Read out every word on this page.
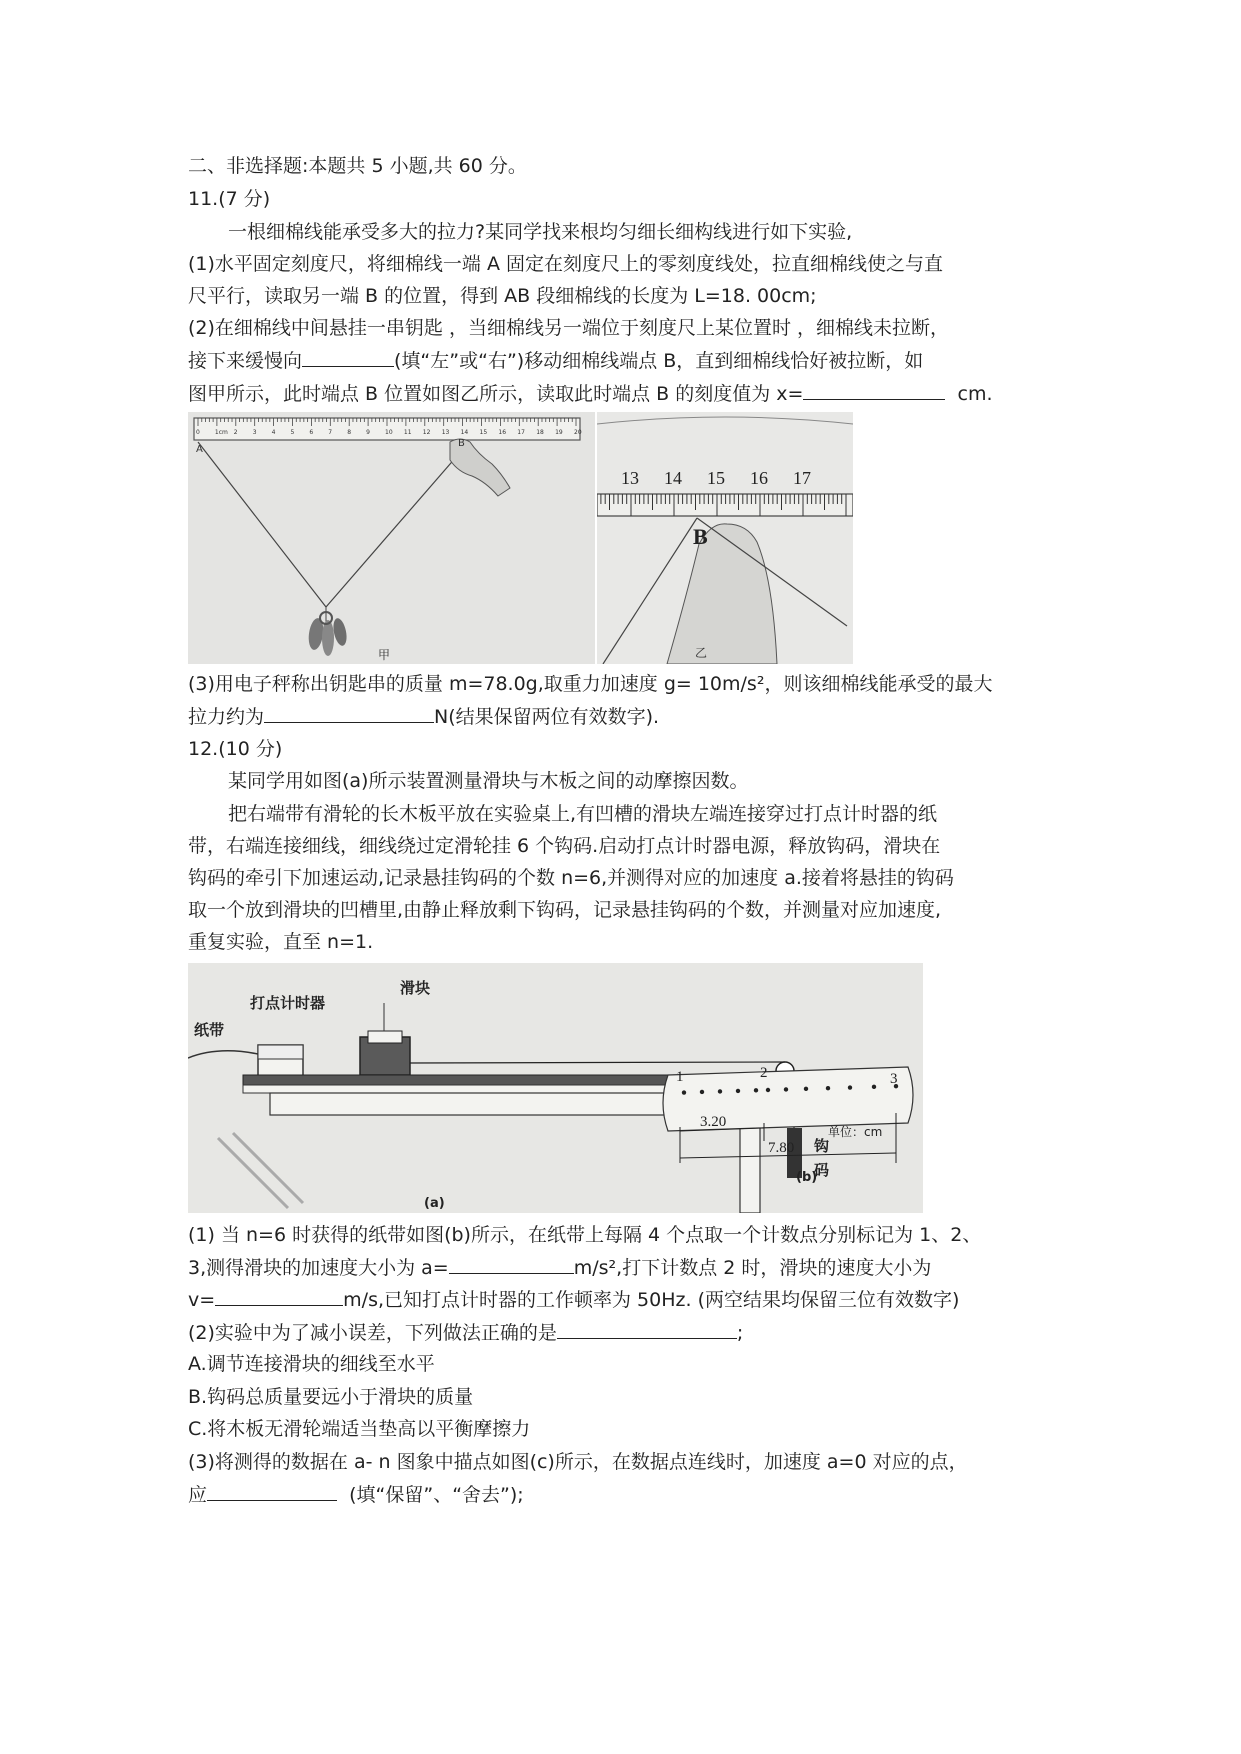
二、非选择题:本题共 5 小题,共 60 分。
11.(7 分)
一根细棉线能承受多大的拉力?某同学找来根均匀细长细构线进行如下实验,
(1)水平固定刻度尺，将细棉线一端 A 固定在刻度尺上的零刻度线处，拉直细棉线使之与直
尺平行，读取另一端 B 的位置，得到 AB 段细棉线的长度为 L=18. 00cm;
(2)在细棉线中间悬挂一串钥匙 ，当细棉线另一端位于刻度尺上某位置时 ，细棉线未拉断，
接下来缓慢向	(填“左”或“右”)移动细棉线端点 B，直到细棉线恰好被拉断，如
图甲所示，此时端点 B 位置如图乙所示，读取此时端点 B 的刻度值为 x=	cm.
0	1cm 2	3	4	5	6	7	8	9	10 11 12 13 14 15 16 17 18 19 20
A
B
甲
13 14 15 16 17
B
乙
(3)用电子秤称出钥匙串的质量 m=78.0g,取重力加速度 g= 10m/s²，则该细棉线能承受的最大
拉力约为	N(结果保留两位有效数字).
12.(10 分)
某同学用如图(a)所示装置测量滑块与木板之间的动摩擦因数。
把右端带有滑轮的长木板平放在实验桌上,有凹槽的滑块左端连接穿过打点计时器的纸
带，右端连接细线，细线绕过定滑轮挂 6 个钩码.启动打点计时器电源，释放钩码，滑块在
钩码的牵引下加速运动,记录悬挂钩码的个数 n=6,并测得对应的加速度 a.接着将悬挂的钩码
取一个放到滑块的凹槽里,由静止释放剩下钩码，记录悬挂钩码的个数，并测量对应加速度,
重复实验，直至 n=1.
打点计时器
滑块
纸带
钩
码
(a)
1	2	3
3.20
7.80
单位：cm
(b)
(1) 当 n=6 时获得的纸带如图(b)所示，在纸带上每隔 4 个点取一个计数点分别标记为 1、2、
3,测得滑块的加速度大小为 a=	m/s²,打下计数点 2 时，滑块的速度大小为
v=	m/s,已知打点计时器的工作顿率为 50Hz. (两空结果均保留三位有效数字)
(2)实验中为了减小误差，下列做法正确的是	;
A.调节连接滑块的细线至水平
B.钩码总质量要远小于滑块的质量
C.将木板无滑轮端适当垫高以平衡摩擦力
(3)将测得的数据在 a- n 图象中描点如图(c)所示，在数据点连线时，加速度 a=0 对应的点，
应	(填“保留”、“舍去”);
